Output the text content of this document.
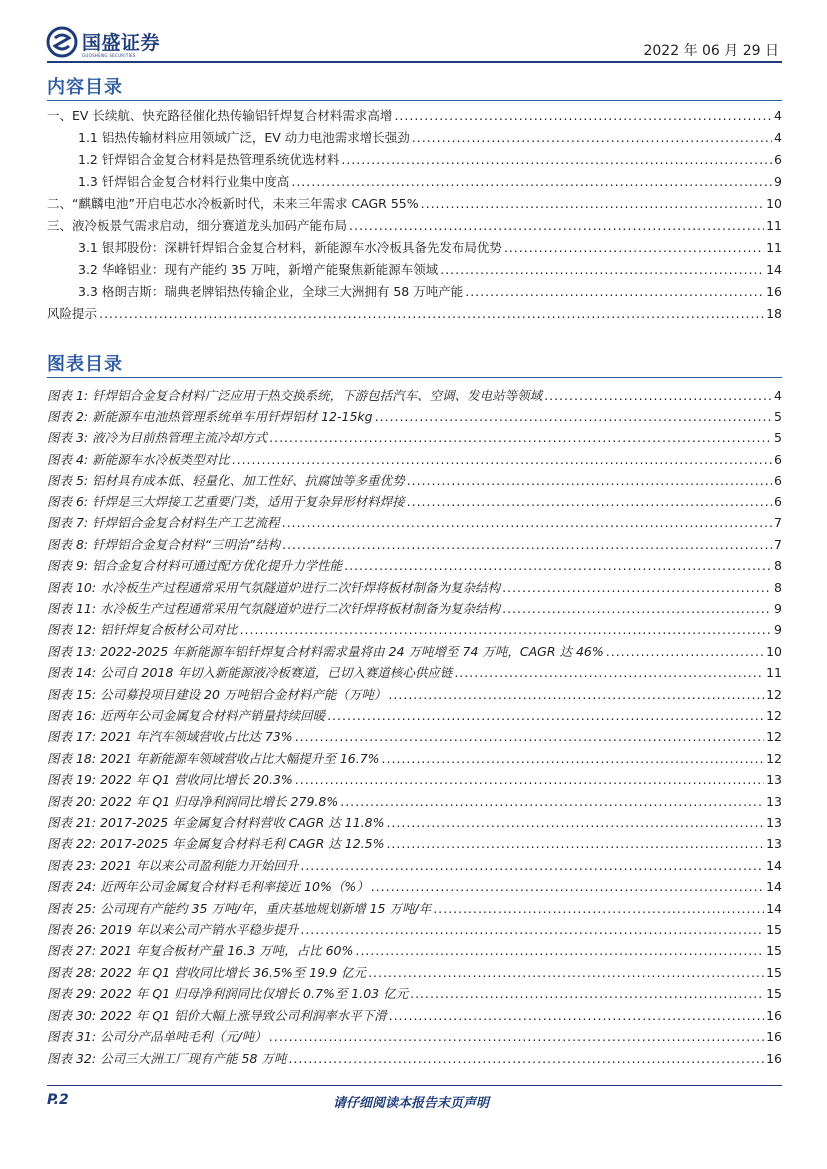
国盛证券
GUOSHENG SECURITIES	2022 年 06 月 29 日
内容目录
一、EV 长续航、快充路径催化热传输铝钎焊复合材料需求高增 .....	4
1.1 铝热传输材料应用领域广泛，EV 动力电池需求增长强劲 .....	4
1.2 钎焊铝合金复合材料是热管理系统优选材料 .....	6
1.3 钎焊铝合金复合材料行业集中度高 .....	9
二、“麒麟电池”开启电芯水冷板新时代，未来三年需求 CAGR 55% .....	10
三、液冷板景气需求启动，细分赛道龙头加码产能布局 .....	11
3.1 银邦股份：深耕钎焊铝合金复合材料，新能源车水冷板具备先发布局优势 .....	11
3.2 华峰铝业：现有产能约 35 万吨，新增产能聚焦新能源车领域 .....	14
3.3 格朗吉斯：瑞典老牌铝热传输企业，全球三大洲拥有 58 万吨产能 .....	16
风险提示 .....	18
图表目录
图表 1: 钎焊铝合金复合材料广泛应用于热交换系统，下游包括汽车、空调、发电站等领域 .....	4
图表 2: 新能源车电池热管理系统单车用钎焊铝材 12-15kg .....	5
图表 3: 液冷为目前热管理主流冷却方式 .....	5
图表 4: 新能源车水冷板类型对比 .....	6
图表 5: 铝材具有成本低、轻量化、加工性好、抗腐蚀等多重优势 .....	6
图表 6: 钎焊是三大焊接工艺重要门类，适用于复杂异形材料焊接 .....	6
图表 7: 钎焊铝合金复合材料生产工艺流程 .....	7
图表 8: 钎焊铝合金复合材料“三明治”结构 .....	7
图表 9: 铝合金复合材料可通过配方优化提升力学性能 .....	8
图表 10: 水冷板生产过程通常采用气氛隧道炉进行二次钎焊将板材制备为复杂结构 .....	8
图表 11: 水冷板生产过程通常采用气氛隧道炉进行二次钎焊将板材制备为复杂结构 .....	9
图表 12: 铝钎焊复合板材公司对比 .....	9
图表 13: 2022-2025 年新能源车铝钎焊复合材料需求量将由 24 万吨增至 74 万吨，CAGR 达 46% .....	10
图表 14: 公司自 2018 年切入新能源液冷板赛道，已切入赛道核心供应链 .....	11
图表 15: 公司募投项目建设 20 万吨铝合金材料产能（万吨） .....	12
图表 16: 近两年公司金属复合材料产销量持续回暖 .....	12
图表 17: 2021 年汽车领域营收占比达 73% .....	12
图表 18: 2021 年新能源车领域营收占比大幅提升至 16.7% .....	12
图表 19: 2022 年 Q1 营收同比增长 20.3% .....	13
图表 20: 2022 年 Q1 归母净利润同比增长 279.8% .....	13
图表 21: 2017-2025 年金属复合材料营收 CAGR 达 11.8% .....	13
图表 22: 2017-2025 年金属复合材料毛利 CAGR 达 12.5% .....	13
图表 23: 2021 年以来公司盈利能力开始回升 .....	14
图表 24: 近两年公司金属复合材料毛利率接近 10%（%） .....	14
图表 25: 公司现有产能约 35 万吨/年，重庆基地规划新增 15 万吨/年 .....	14
图表 26: 2019 年以来公司产销水平稳步提升 .....	15
图表 27: 2021 年复合板材产量 16.3 万吨，占比 60% .....	15
图表 28: 2022 年 Q1 营收同比增长 36.5%至 19.9 亿元 .....	15
图表 29: 2022 年 Q1 归母净利润同比仅增长 0.7%至 1.03 亿元 .....	15
图表 30: 2022 年 Q1 铝价大幅上涨导致公司利润率水平下滑 .....	16
图表 31: 公司分产品单吨毛利（元/吨） .....	16
图表 32: 公司三大洲工厂现有产能 58 万吨 .....	16
P.2	请仔细阅读本报告末页声明
